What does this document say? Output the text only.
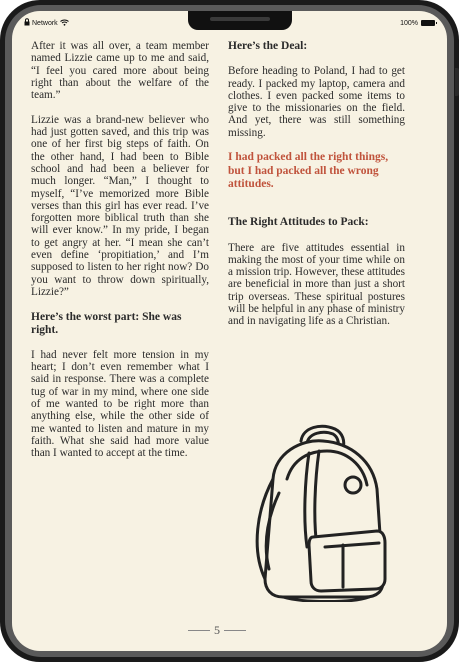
Network	100%

After it was all over, a team member named Lizzie came up to me and said, “I feel you cared more about being right than about the welfare of the team.”

Lizzie was a brand-new believer who had just gotten saved, and this trip was one of her first big steps of faith. On the other hand, I had been to Bible school and had been a believer for much longer. “Man,” I thought to myself, “I’ve memorized more Bible verses than this girl has ever read. I’ve forgotten more biblical truth than she will ever know.” In my pride, I began to get angry at her. “I mean she can’t even define ‘propitiation,’ and I’m supposed to listen to her right now? Do you want to throw down spiritually, Lizzie?”

Here’s the worst part: She was right.

I had never felt more tension in my heart; I don’t even remember what I said in response. There was a complete tug of war in my mind, where one side of me wanted to be right more than anything else, while the other side of me wanted to listen and mature in my faith. What she said had more value than I wanted to accept at the time.

Here’s the Deal:

Before heading to Poland, I had to get ready. I packed my laptop, camera and clothes. I even packed some items to give to the missionaries on the field. And yet, there was still something missing.

I had packed all the right things, but I had packed all the wrong attitudes.
The Right Attitudes to Pack:

There are five attitudes essential in making the most of your time while on a mission trip. However, these attitudes are beneficial in more than just a short trip overseas. These spiritual postures will be helpful in any phase of ministry and in navigating life as a Christian.

5
